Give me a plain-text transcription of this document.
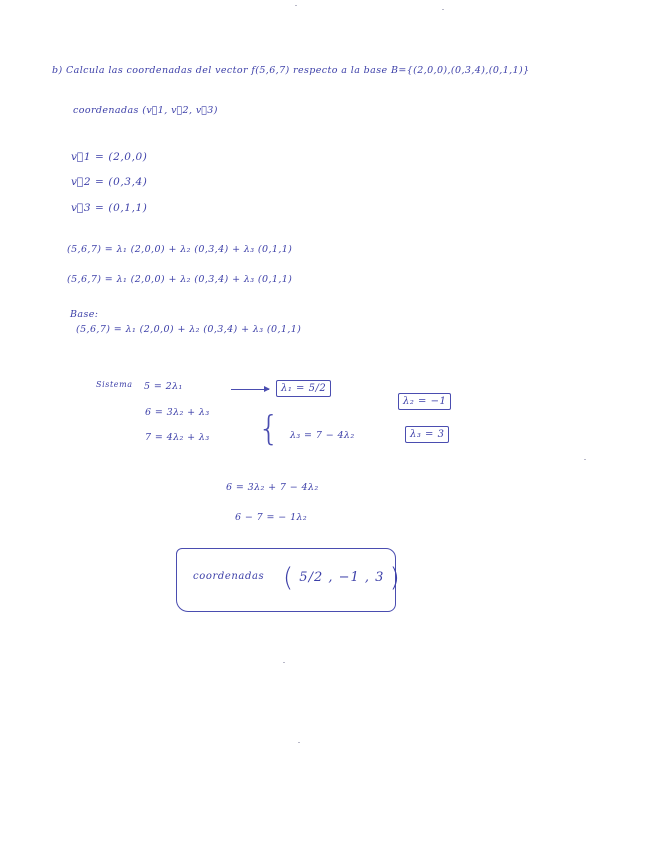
b) Calcula las coordenadas del vector f(5,6,7) respecto a la base B={(2,0,0),(0,3,4),(0,1,1)}
coordenadas (v⃗1, v⃗2, v⃗3)
v⃗1 = (2,0,0)
v⃗2 = (0,3,4)
v⃗3 = (0,1,1)
(5,6,7) = λ₁ (2,0,0) + λ₂ (0,3,4) + λ₃ (0,1,1)
(5,6,7) = λ₁ (2,0,0) + λ₂ (0,3,4) + λ₃ (0,1,1)
Base:
(5,6,7) = λ₁ (2,0,0) + λ₂ (0,3,4) + λ₃ (0,1,1)
Sistema 5 = 2λ₁	λ₁ = 5/2
6 = 3λ₂ + λ₃ {
7 = 4λ₂ + λ₃	λ₃ = 7 − 4λ₂
λ₂ = −1
λ₃ = 3
6 = 3λ₂ + 7 − 4λ₂
6 − 7 = − 1λ₂
coordenadas ( 5/2 , −1 , 3 )
